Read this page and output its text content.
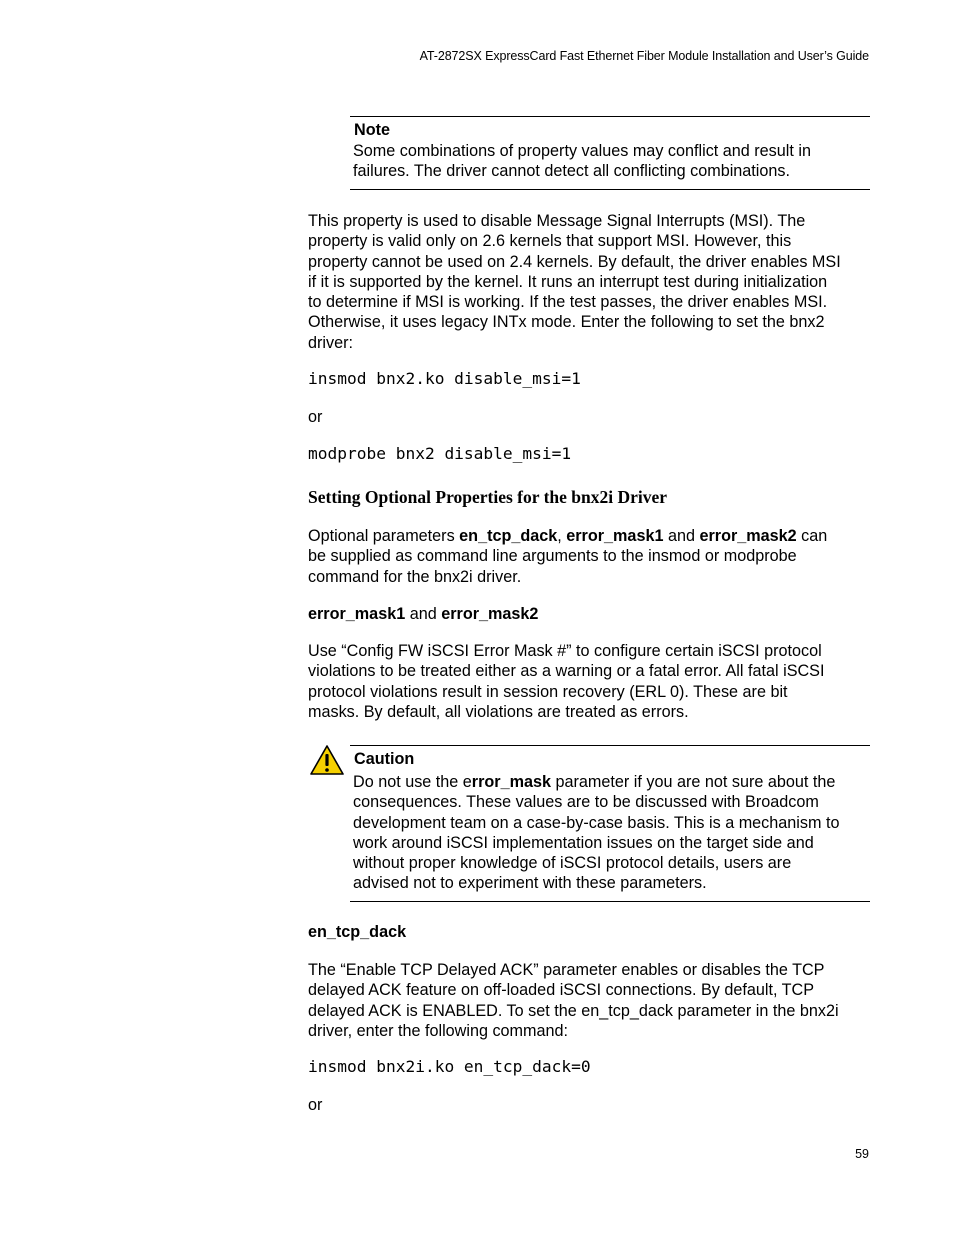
AT-2872SX ExpressCard Fast Ethernet Fiber Module Installation and User’s Guide
Note
Some combinations of property values may conflict and result in
failures. The driver cannot detect all conflicting combinations.
This property is used to disable Message Signal Interrupts (MSI). The
property is valid only on 2.6 kernels that support MSI. However, this
property cannot be used on 2.4 kernels. By default, the driver enables MSI
if it is supported by the kernel. It runs an interrupt test during initialization
to determine if MSI is working. If the test passes, the driver enables MSI.
Otherwise, it uses legacy INTx mode. Enter the following to set the bnx2
driver:
insmod bnx2.ko disable_msi=1
or
modprobe bnx2 disable_msi=1
Setting Optional Properties for the bnx2i Driver
Optional parameters en_tcp_dack, error_mask1 and error_mask2 can
be supplied as command line arguments to the insmod or modprobe
command for the bnx2i driver.
error_mask1 and error_mask2
Use “Config FW iSCSI Error Mask #” to configure certain iSCSI protocol
violations to be treated either as a warning or a fatal error. All fatal iSCSI
protocol violations result in session recovery (ERL 0). These are bit
masks. By default, all violations are treated as errors.
Caution
Do not use the error_mask parameter if you are not sure about the
consequences. These values are to be discussed with Broadcom
development team on a case-by-case basis. This is a mechanism to
work around iSCSI implementation issues on the target side and
without proper knowledge of iSCSI protocol details, users are
advised not to experiment with these parameters.
en_tcp_dack
The “Enable TCP Delayed ACK” parameter enables or disables the TCP
delayed ACK feature on off-loaded iSCSI connections. By default, TCP
delayed ACK is ENABLED. To set the en_tcp_dack parameter in the bnx2i
driver, enter the following command:
insmod bnx2i.ko en_tcp_dack=0
or
59
